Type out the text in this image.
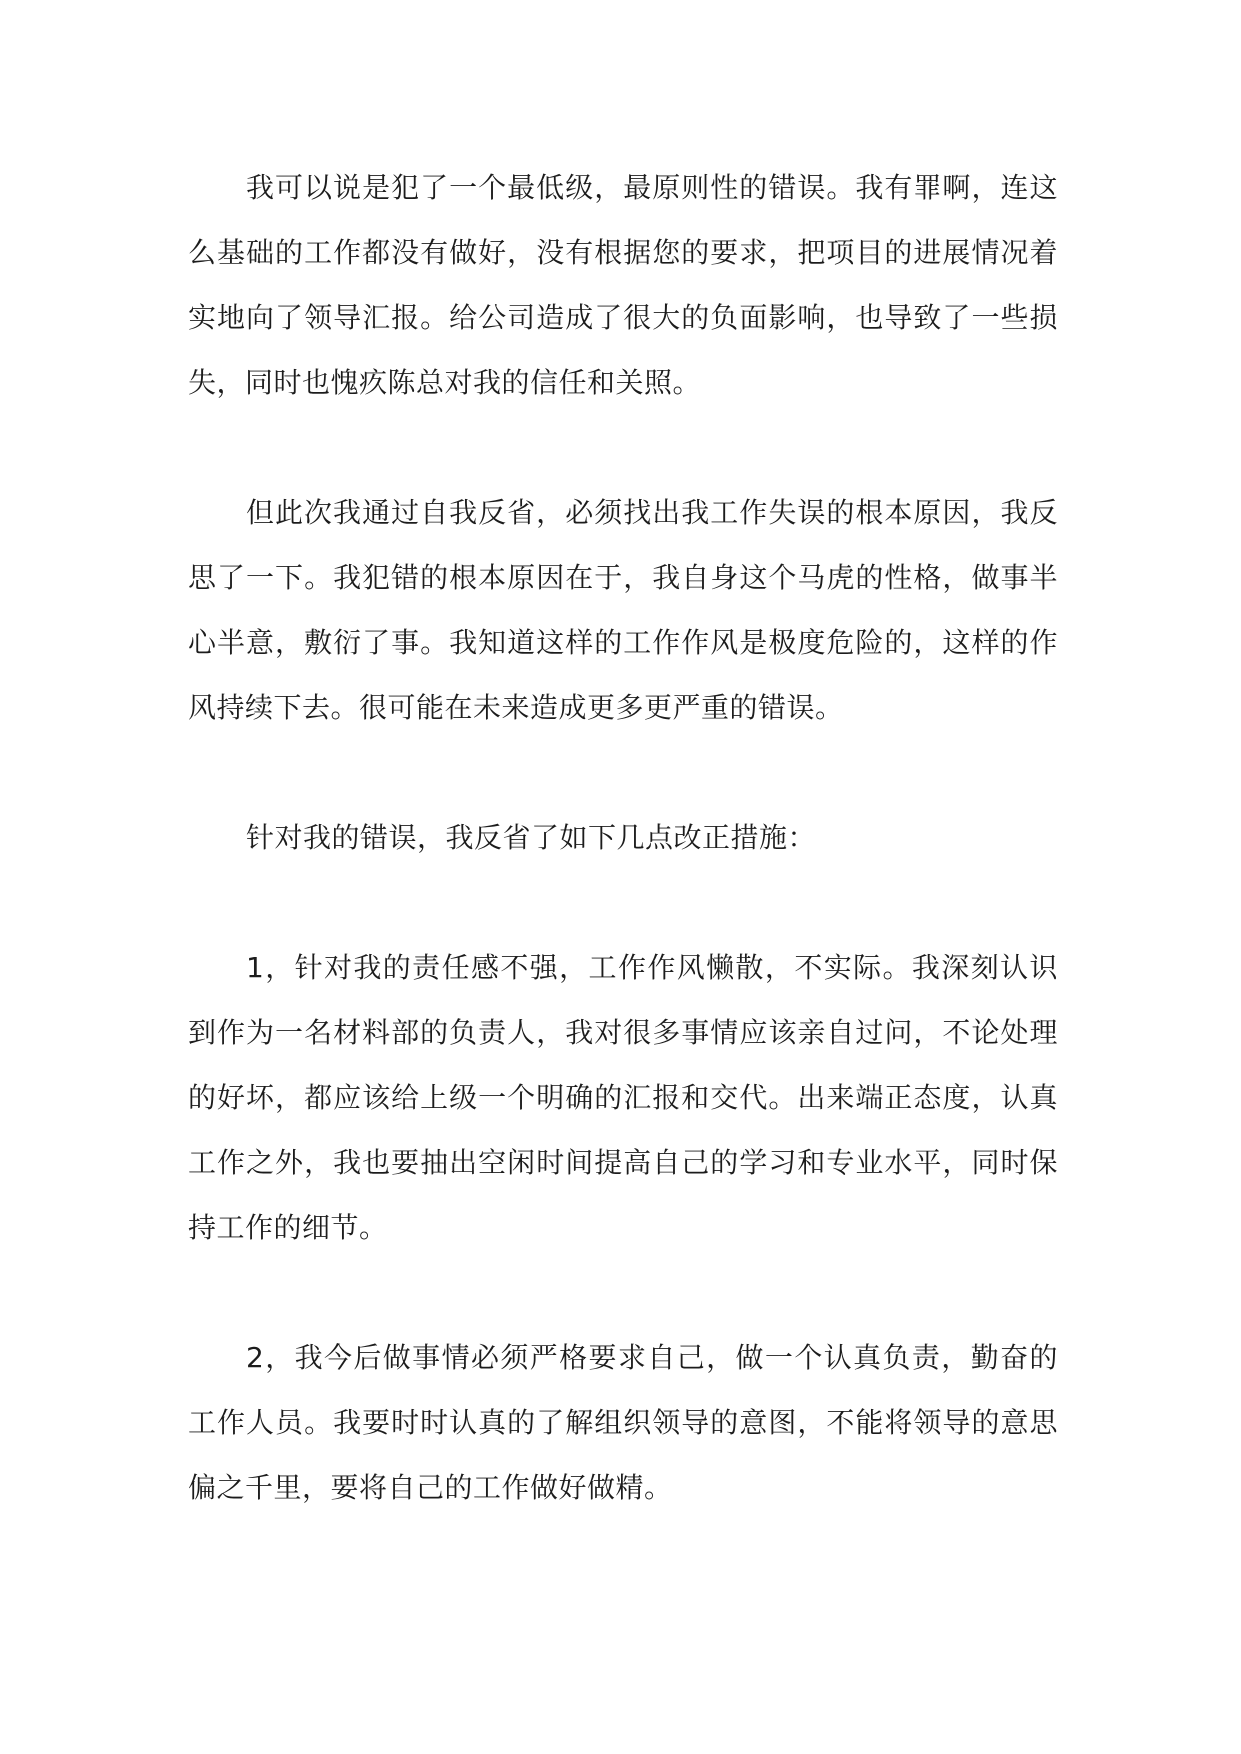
我可以说是犯了一个最低级，最原则性的错误。我有罪啊，连这么基础的工作都没有做好，没有根据您的要求，把项目的进展情况着实地向了领导汇报。给公司造成了很大的负面影响，也导致了一些损失，同时也愧疚陈总对我的信任和关照。

但此次我通过自我反省，必须找出我工作失误的根本原因，我反思了一下。我犯错的根本原因在于，我自身这个马虎的性格，做事半心半意，敷衍了事。我知道这样的工作作风是极度危险的，这样的作风持续下去。很可能在未来造成更多更严重的错误。

针对我的错误，我反省了如下几点改正措施：

1，针对我的责任感不强，工作作风懒散，不实际。我深刻认识到作为一名材料部的负责人，我对很多事情应该亲自过问，不论处理的好坏，都应该给上级一个明确的汇报和交代。出来端正态度，认真工作之外，我也要抽出空闲时间提高自己的学习和专业水平，同时保持工作的细节。

2，我今后做事情必须严格要求自己，做一个认真负责，勤奋的工作人员。我要时时认真的了解组织领导的意图，不能将领导的意思偏之千里，要将自己的工作做好做精。
